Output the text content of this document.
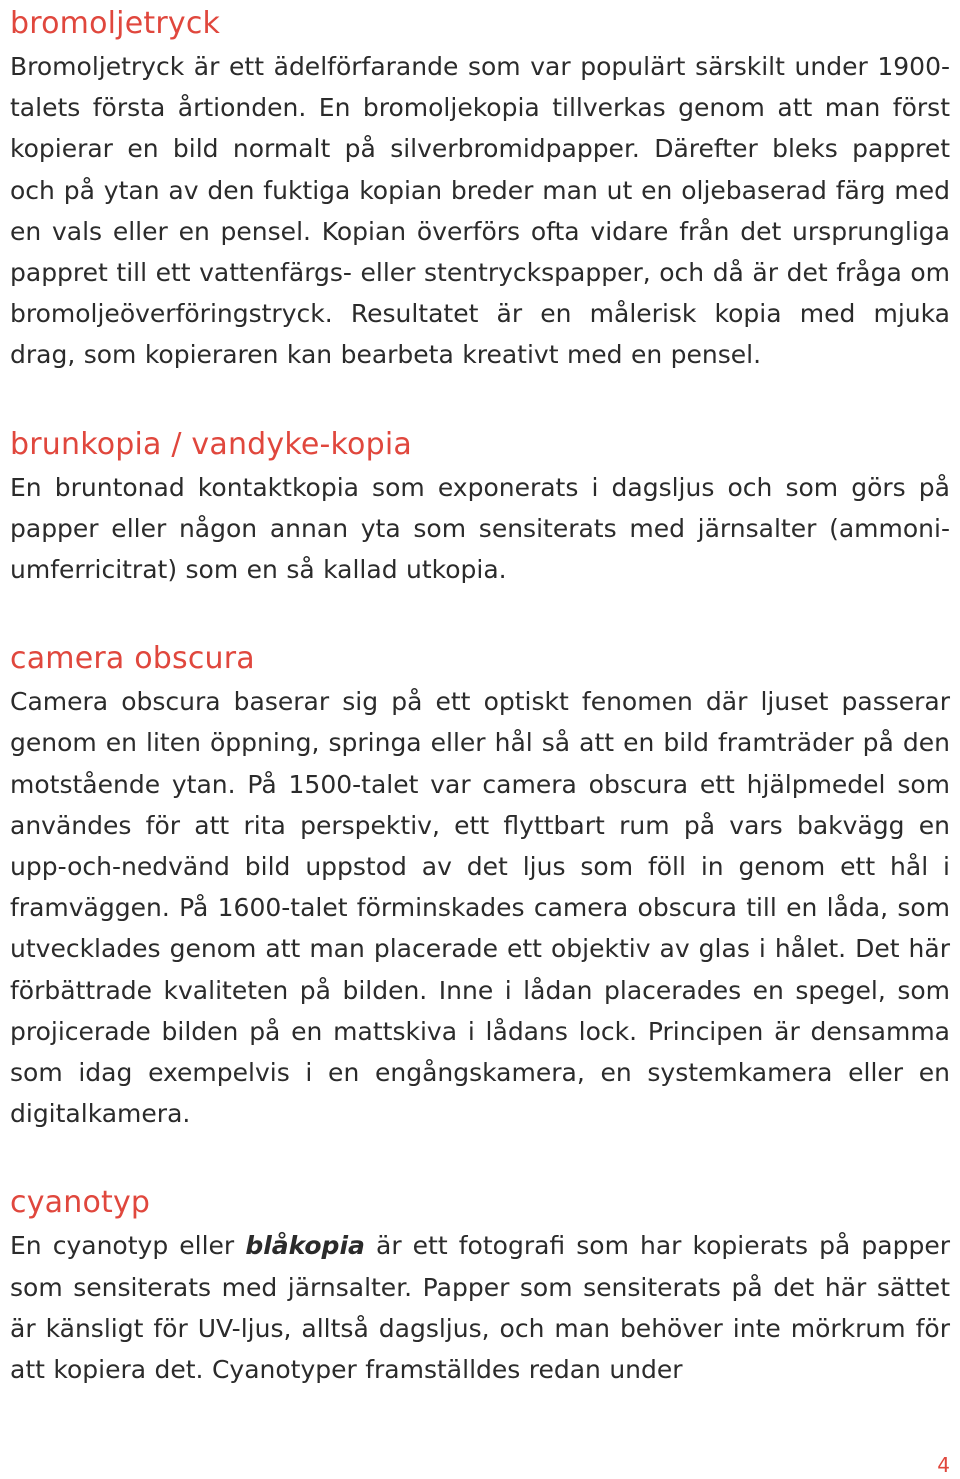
bromoljetryck

Bromoljetryck är ett ädelförfarande som var populärt särskilt under 1900-talets första årtionden. En bromoljekopia tillverkas genom att man först kopierar en bild normalt på silverbromidpapper. Därefter bleks pappret och på ytan av den fuktiga kopian breder man ut en oljebaserad färg med en vals eller en pensel. Kopian överförs ofta vidare från det ursprungliga pappret till ett vattenfärgs- eller stentryckspapper, och då är det fråga om bromoljeöverföringstryck. Resultatet är en målerisk kopia med mjuka drag, som kopieraren kan bearbeta kreativt med en pensel.

brunkopia / vandyke-kopia

En bruntonad kontaktkopia som exponerats i dagsljus och som görs på papper eller någon annan yta som sensiterats med järnsalter (ammoniumferricitrat) som en så kallad utkopia.

camera obscura

Camera obscura baserar sig på ett optiskt fenomen där ljuset passerar genom en liten öppning, springa eller hål så att en bild framträder på den motstående ytan. På 1500-talet var camera obscura ett hjälpmedel som användes för att rita perspektiv, ett flyttbart rum på vars bakvägg en upp-och-nedvänd bild uppstod av det ljus som föll in genom ett hål i framväggen. På 1600-talet förminskades camera obscura till en låda, som utvecklades genom att man placerade ett objektiv av glas i hålet. Det här förbättrade kvaliteten på bilden. Inne i lådan placerades en spegel, som projicerade bilden på en mattskiva i lådans lock. Principen är densamma som idag exempelvis i en engångskamera, en systemkamera eller en digitalkamera.

cyanotyp

En cyanotyp eller blåkopia är ett fotografi som har kopierats på papper som sensiterats med järnsalter. Papper som sensiterats på det här sättet är känsligt för UV-ljus, alltså dagsljus, och man behöver inte mörkrum för att kopiera det. Cyanotyper framställdes redan under

4
